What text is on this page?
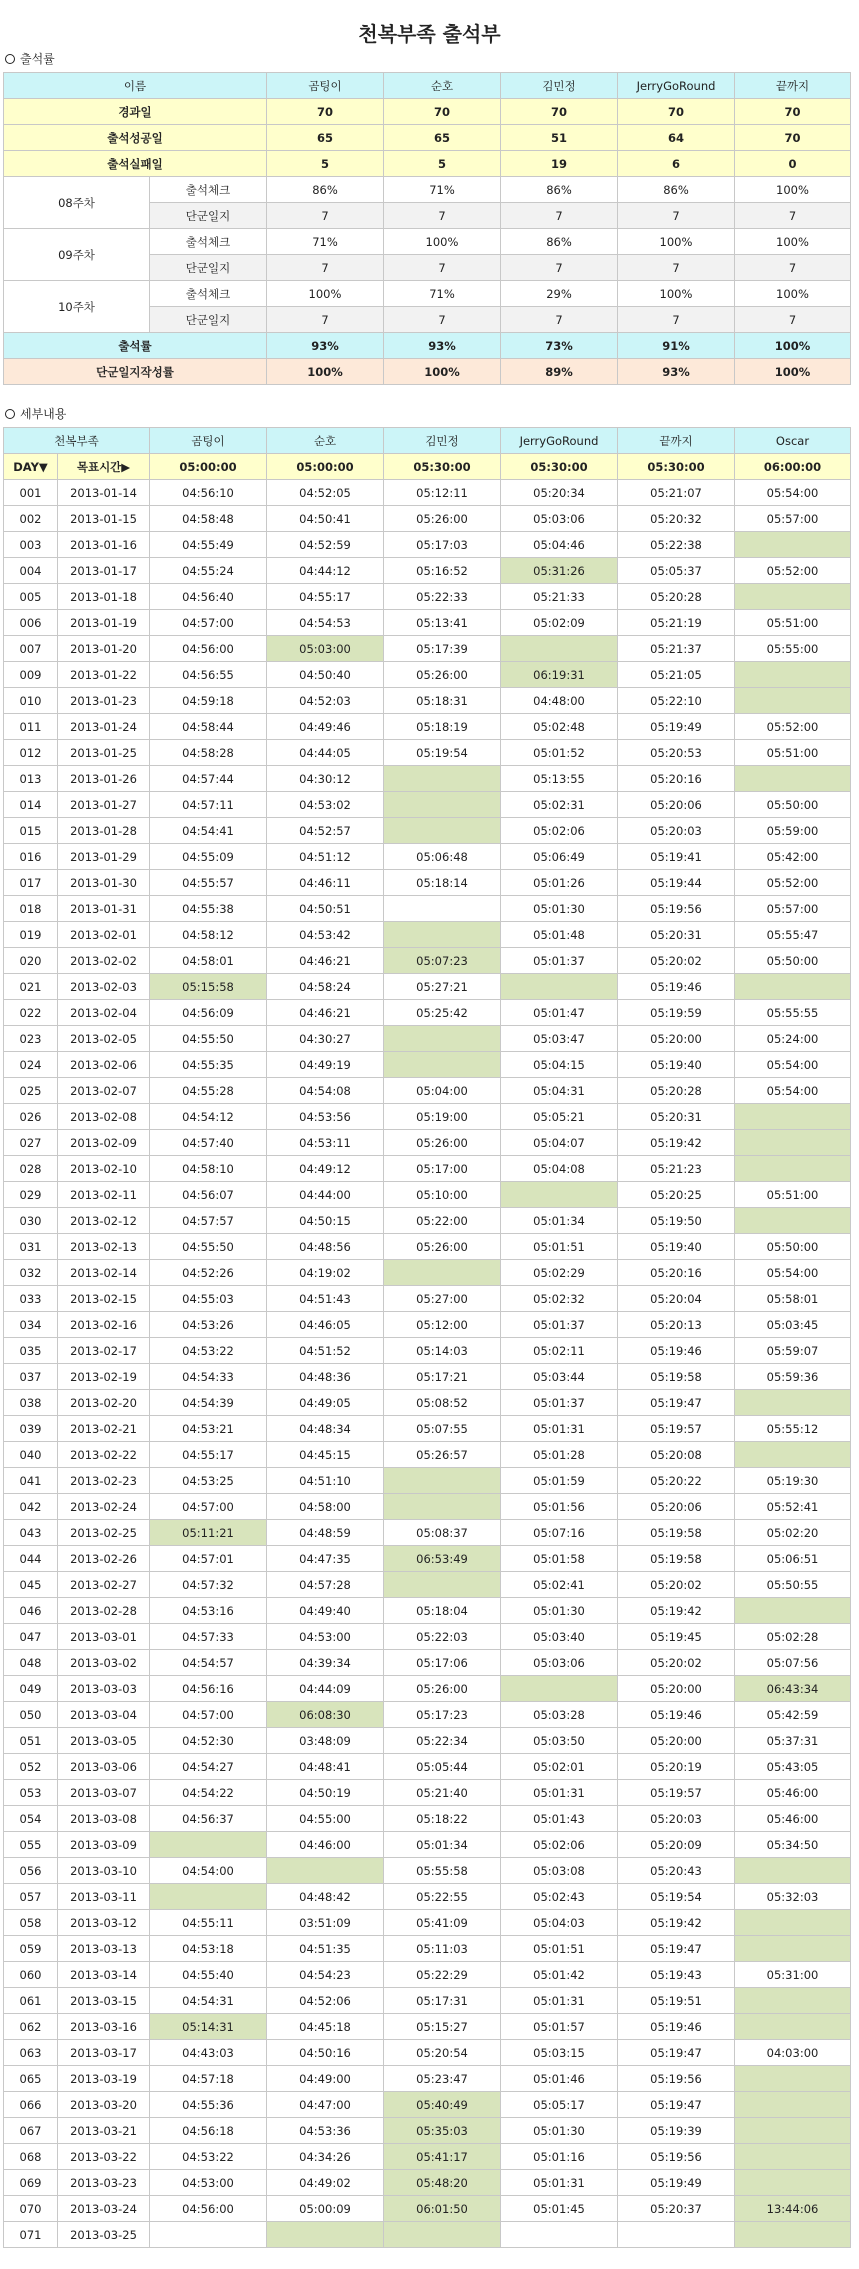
천복부족 출석부
출석률
이름		곰팅이	순호	김민정	JerryGoRound	끝까지	
경과일		70	70	70	70	70	
출석성공일		65	65	51	64	70	
출석실패일		5	5	19	6	0	
08주차	출석체크	86%	71%	86%	86%	100%	
	단군일지	7	7	7	7	7	
09주차	출석체크	71%	100%	86%	100%	100%	
	단군일지	7	7	7	7	7	
10주차	출석체크	100%	71%	29%	100%	100%	
	단군일지	7	7	7	7	7	
출석률		93%	93%	73%	91%	100%	
단군일지작성률		100%	100%	89%	93%	100%	
세부내용
천복부족		곰팅이	순호	김민정	JerryGoRound	끝까지	Oscar
DAY▼	목표시간▶	05:00:00	05:00:00	05:30:00	05:30:00	05:30:00	06:00:00
001	2013-01-14	04:56:10	04:52:05	05:12:11	05:20:34	05:21:07	05:54:00
002	2013-01-15	04:58:48	04:50:41	05:26:00	05:03:06	05:20:32	05:57:00
003	2013-01-16	04:55:49	04:52:59	05:17:03	05:04:46	05:22:38	
004	2013-01-17	04:55:24	04:44:12	05:16:52	05:31:26	05:05:37	05:52:00
005	2013-01-18	04:56:40	04:55:17	05:22:33	05:21:33	05:20:28	
006	2013-01-19	04:57:00	04:54:53	05:13:41	05:02:09	05:21:19	05:51:00
007	2013-01-20	04:56:00	05:03:00	05:17:39		05:21:37	05:55:00
009	2013-01-22	04:56:55	04:50:40	05:26:00	06:19:31	05:21:05	
010	2013-01-23	04:59:18	04:52:03	05:18:31	04:48:00	05:22:10	
011	2013-01-24	04:58:44	04:49:46	05:18:19	05:02:48	05:19:49	05:52:00
012	2013-01-25	04:58:28	04:44:05	05:19:54	05:01:52	05:20:53	05:51:00
013	2013-01-26	04:57:44	04:30:12		05:13:55	05:20:16	
014	2013-01-27	04:57:11	04:53:02		05:02:31	05:20:06	05:50:00
015	2013-01-28	04:54:41	04:52:57		05:02:06	05:20:03	05:59:00
016	2013-01-29	04:55:09	04:51:12	05:06:48	05:06:49	05:19:41	05:42:00
017	2013-01-30	04:55:57	04:46:11	05:18:14	05:01:26	05:19:44	05:52:00
018	2013-01-31	04:55:38	04:50:51		05:01:30	05:19:56	05:57:00
019	2013-02-01	04:58:12	04:53:42		05:01:48	05:20:31	05:55:47
020	2013-02-02	04:58:01	04:46:21	05:07:23	05:01:37	05:20:02	05:50:00
021	2013-02-03	05:15:58	04:58:24	05:27:21		05:19:46	
022	2013-02-04	04:56:09	04:46:21	05:25:42	05:01:47	05:19:59	05:55:55
023	2013-02-05	04:55:50	04:30:27		05:03:47	05:20:00	05:24:00
024	2013-02-06	04:55:35	04:49:19		05:04:15	05:19:40	05:54:00
025	2013-02-07	04:55:28	04:54:08	05:04:00	05:04:31	05:20:28	05:54:00
026	2013-02-08	04:54:12	04:53:56	05:19:00	05:05:21	05:20:31	
027	2013-02-09	04:57:40	04:53:11	05:26:00	05:04:07	05:19:42	
028	2013-02-10	04:58:10	04:49:12	05:17:00	05:04:08	05:21:23	
029	2013-02-11	04:56:07	04:44:00	05:10:00		05:20:25	05:51:00
030	2013-02-12	04:57:57	04:50:15	05:22:00	05:01:34	05:19:50	
031	2013-02-13	04:55:50	04:48:56	05:26:00	05:01:51	05:19:40	05:50:00
032	2013-02-14	04:52:26	04:19:02		05:02:29	05:20:16	05:54:00
033	2013-02-15	04:55:03	04:51:43	05:27:00	05:02:32	05:20:04	05:58:01
034	2013-02-16	04:53:26	04:46:05	05:12:00	05:01:37	05:20:13	05:03:45
035	2013-02-17	04:53:22	04:51:52	05:14:03	05:02:11	05:19:46	05:59:07
037	2013-02-19	04:54:33	04:48:36	05:17:21	05:03:44	05:19:58	05:59:36
038	2013-02-20	04:54:39	04:49:05	05:08:52	05:01:37	05:19:47	
039	2013-02-21	04:53:21	04:48:34	05:07:55	05:01:31	05:19:57	05:55:12
040	2013-02-22	04:55:17	04:45:15	05:26:57	05:01:28	05:20:08	
041	2013-02-23	04:53:25	04:51:10		05:01:59	05:20:22	05:19:30
042	2013-02-24	04:57:00	04:58:00		05:01:56	05:20:06	05:52:41
043	2013-02-25	05:11:21	04:48:59	05:08:37	05:07:16	05:19:58	05:02:20
044	2013-02-26	04:57:01	04:47:35	06:53:49	05:01:58	05:19:58	05:06:51
045	2013-02-27	04:57:32	04:57:28		05:02:41	05:20:02	05:50:55
046	2013-02-28	04:53:16	04:49:40	05:18:04	05:01:30	05:19:42	
047	2013-03-01	04:57:33	04:53:00	05:22:03	05:03:40	05:19:45	05:02:28
048	2013-03-02	04:54:57	04:39:34	05:17:06	05:03:06	05:20:02	05:07:56
049	2013-03-03	04:56:16	04:44:09	05:26:00		05:20:00	06:43:34
050	2013-03-04	04:57:00	06:08:30	05:17:23	05:03:28	05:19:46	05:42:59
051	2013-03-05	04:52:30	03:48:09	05:22:34	05:03:50	05:20:00	05:37:31
052	2013-03-06	04:54:27	04:48:41	05:05:44	05:02:01	05:20:19	05:43:05
053	2013-03-07	04:54:22	04:50:19	05:21:40	05:01:31	05:19:57	05:46:00
054	2013-03-08	04:56:37	04:55:00	05:18:22	05:01:43	05:20:03	05:46:00
055	2013-03-09		04:46:00	05:01:34	05:02:06	05:20:09	05:34:50
056	2013-03-10	04:54:00		05:55:58	05:03:08	05:20:43	
057	2013-03-11		04:48:42	05:22:55	05:02:43	05:19:54	05:32:03
058	2013-03-12	04:55:11	03:51:09	05:41:09	05:04:03	05:19:42	
059	2013-03-13	04:53:18	04:51:35	05:11:03	05:01:51	05:19:47	
060	2013-03-14	04:55:40	04:54:23	05:22:29	05:01:42	05:19:43	05:31:00
061	2013-03-15	04:54:31	04:52:06	05:17:31	05:01:31	05:19:51	
062	2013-03-16	05:14:31	04:45:18	05:15:27	05:01:57	05:19:46	
063	2013-03-17	04:43:03	04:50:16	05:20:54	05:03:15	05:19:47	04:03:00
065	2013-03-19	04:57:18	04:49:00	05:23:47	05:01:46	05:19:56	
066	2013-03-20	04:55:36	04:47:00	05:40:49	05:05:17	05:19:47	
067	2013-03-21	04:56:18	04:53:36	05:35:03	05:01:30	05:19:39	
068	2013-03-22	04:53:22	04:34:26	05:41:17	05:01:16	05:19:56	
069	2013-03-23	04:53:00	04:49:02	05:48:20	05:01:31	05:19:49	
070	2013-03-24	04:56:00	05:00:09	06:01:50	05:01:45	05:20:37	13:44:06
071	2013-03-25						
